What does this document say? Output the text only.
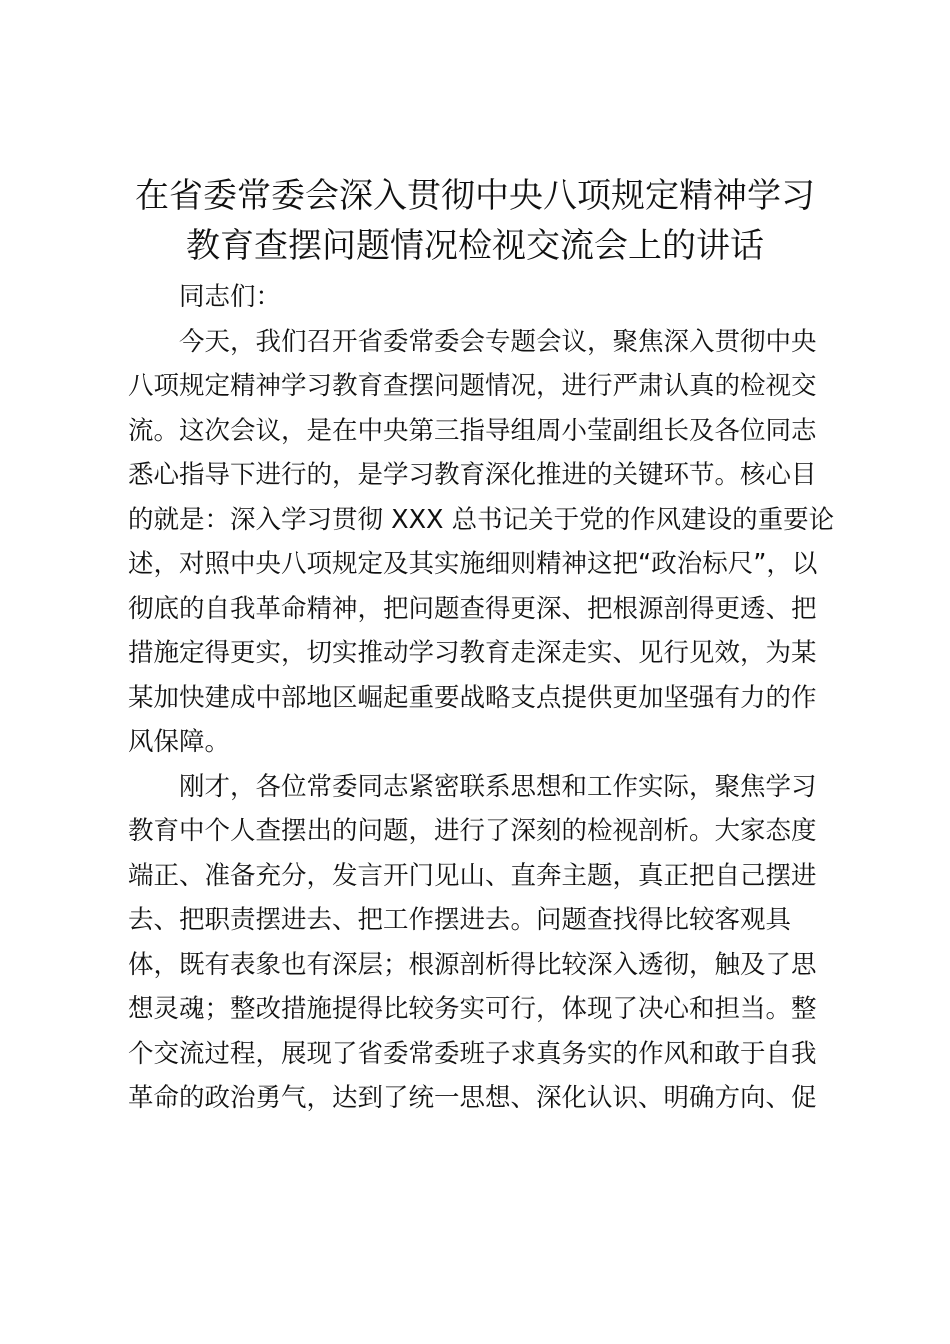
在省委常委会深入贯彻中央八项规定精神学习
教育查摆问题情况检视交流会上的讲话

同志们：

今天，我们召开省委常委会专题会议，聚焦深入贯彻中央
八项规定精神学习教育查摆问题情况，进行严肃认真的检视交
流。这次会议，是在中央第三指导组周小莹副组长及各位同志
悉心指导下进行的，是学习教育深化推进的关键环节。核心目
的就是：深入学习贯彻 XXX 总书记关于党的作风建设的重要论
述，对照中央八项规定及其实施细则精神这把“政治标尺”，以
彻底的自我革命精神，把问题查得更深、把根源剖得更透、把
措施定得更实，切实推动学习教育走深走实、见行见效，为某
某加快建成中部地区崛起重要战略支点提供更加坚强有力的作
风保障。

刚才，各位常委同志紧密联系思想和工作实际，聚焦学习
教育中个人查摆出的问题，进行了深刻的检视剖析。大家态度
端正、准备充分，发言开门见山、直奔主题，真正把自己摆进
去、把职责摆进去、把工作摆进去。问题查找得比较客观具
体，既有表象也有深层；根源剖析得比较深入透彻，触及了思
想灵魂；整改措施提得比较务实可行，体现了决心和担当。整
个交流过程，展现了省委常委班子求真务实的作风和敢于自我
革命的政治勇气，达到了统一思想、深化认识、明确方向、促
